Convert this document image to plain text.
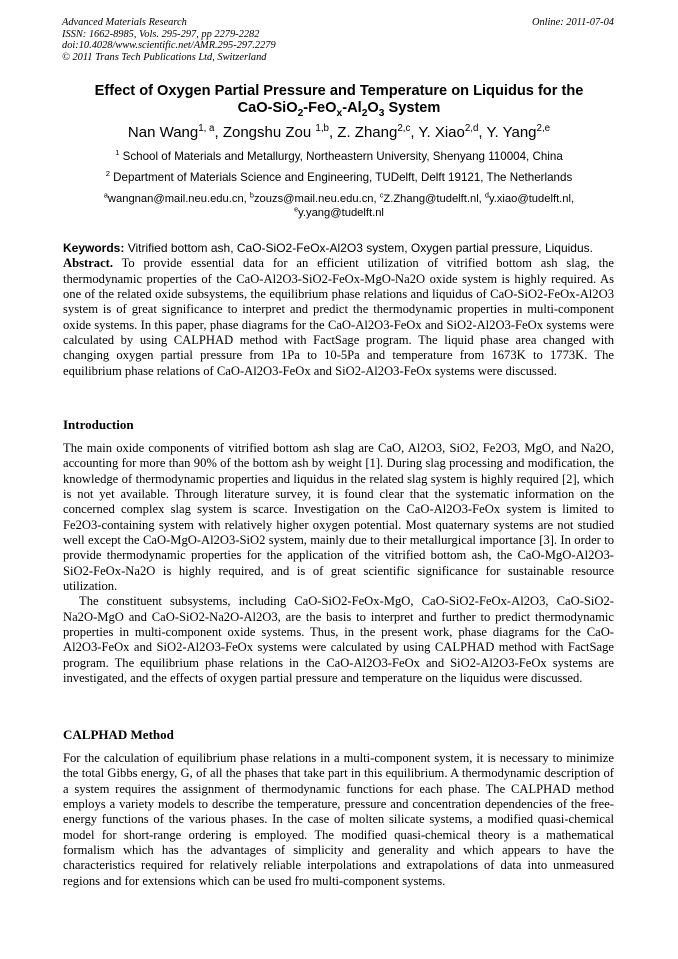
Advanced Materials Research
ISSN: 1662-8985, Vols. 295-297, pp 2279-2282
doi:10.4028/www.scientific.net/AMR.295-297.2279
© 2011 Trans Tech Publications Ltd, Switzerland
Online: 2011-07-04
Effect of Oxygen Partial Pressure and Temperature on Liquidus for the
CaO-$SiO_2-FeO_x-Al_2O_3$ System
Nan Wang$^{1, a}$, Zongshu Zou $^{1,b}$, Z. Zhang$^{2,c}$, Y. Xiao$^{2,d}$, Y. Yang$^{2,e}$
$^1$ School of Materials and Metallurgy, Northeastern University, Shenyang 110004, China
$^2$ Department of Materials Science and Engineering, TUDelft, Delft 19121, The Netherlands
$^a$wangnan@mail.neu.edu.cn, $^b$zouzs@mail.neu.edu.cn, $^c$Z.Zhang@tudelft.nl, $^d$y.xiao@tudelft.nl,
$^e$y.yang@tudelft.nl

Keywords: Vitrified bottom ash, CaO-SiO2-FeOx-Al2O3 system, Oxygen partial pressure, Liquidus.

Abstract. To provide essential data for an efficient utilization of vitrified bottom ash slag, the thermodynamic properties of the CaO-Al2O3-SiO2-FeOx-MgO-Na2O oxide system is highly required. As one of the related oxide subsystems, the equilibrium phase relations and liquidus of CaO-SiO2-FeOx-Al2O3 system is of great significance to interpret and predict the thermodynamic properties in multi-component oxide systems. In this paper, phase diagrams for the CaO-Al2O3-FeOx and SiO2-Al2O3-FeOx systems were calculated by using CALPHAD method with FactSage program. The liquid phase area changed with changing oxygen partial pressure from 1Pa to 10-5Pa and temperature from 1673K to 1773K. The equilibrium phase relations of CaO-Al2O3-FeOx and SiO2-Al2O3-FeOx systems were discussed.

Introduction

The main oxide components of vitrified bottom ash slag are CaO, Al2O3, SiO2, Fe2O3, MgO, and Na2O, accounting for more than 90% of the bottom ash by weight [1]. During slag processing and modification, the knowledge of thermodynamic properties and liquidus in the related slag system is highly required [2], which is not yet available. Through literature survey, it is found clear that the systematic information on the concerned complex slag system is scarce. Investigation on the CaO-Al2O3-FeOx system is limited to Fe2O3-containing system with relatively higher oxygen potential. Most quaternary systems are not studied well except the CaO-MgO-Al2O3-SiO2 system, mainly due to their metallurgical importance [3]. In order to provide thermodynamic properties for the application of the vitrified bottom ash, the CaO-MgO-Al2O3-SiO2-FeOx-Na2O is highly required, and is of great scientific significance for sustainable resource utilization.

The constituent subsystems, including CaO-SiO2-FeOx-MgO, CaO-SiO2-FeOx-Al2O3, CaO-SiO2-Na2O-MgO and CaO-SiO2-Na2O-Al2O3, are the basis to interpret and further to predict thermodynamic properties in multi-component oxide systems. Thus, in the present work, phase diagrams for the CaO-Al2O3-FeOx and SiO2-Al2O3-FeOx systems were calculated by using CALPHAD method with FactSage program. The equilibrium phase relations in the CaO-Al2O3-FeOx and SiO2-Al2O3-FeOx systems are investigated, and the effects of oxygen partial pressure and temperature on the liquidus were discussed.

CALPHAD Method

For the calculation of equilibrium phase relations in a multi-component system, it is necessary to minimize the total Gibbs energy, G, of all the phases that take part in this equilibrium. A thermodynamic description of a system requires the assignment of thermodynamic functions for each phase. The CALPHAD method employs a variety models to describe the temperature, pressure and concentration dependencies of the free-energy functions of the various phases. In the case of molten silicate systems, a modified quasi-chemical model for short-range ordering is employed. The modified quasi-chemical theory is a mathematical formalism which has the advantages of simplicity and generality and which appears to have the characteristics required for relatively reliable interpolations and extrapolations of data into unmeasured regions and for extensions which can be used fro multi-component systems.
